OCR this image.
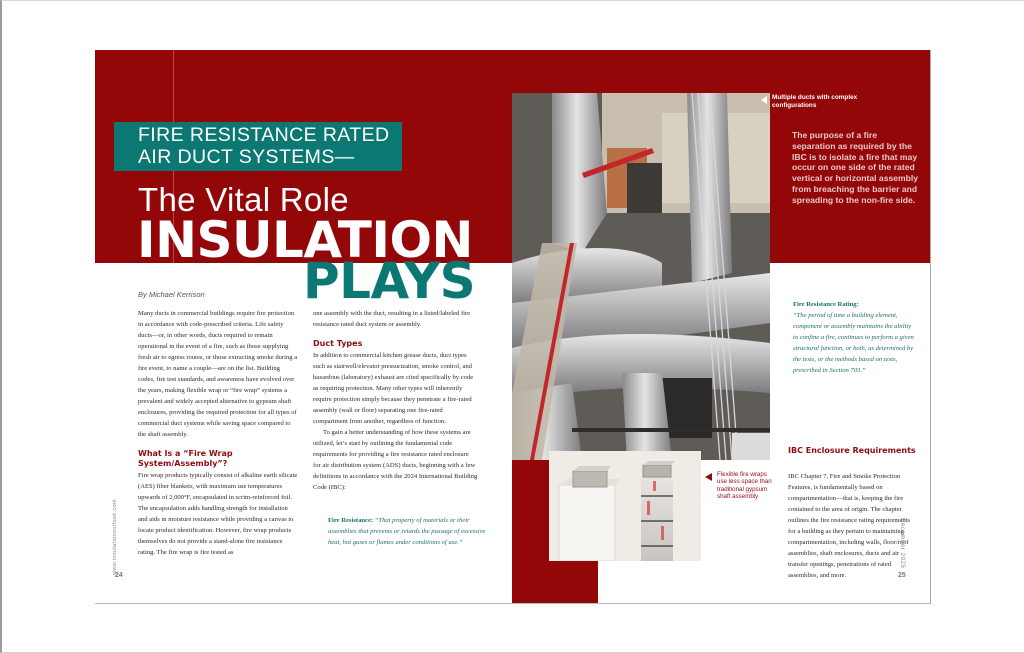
FIRE RESISTANCE RATED
AIR DUCT SYSTEMS—
The Vital Role
INSULATION
PLAYS
By Michael Kerrison

Many ducts in commercial buildings require fire protection in accordance with code-prescribed criteria. Life safety ducts—or, in other words, ducts required to remain operational in the event of a fire, such as those supplying fresh air to egress routes, or those extracting smoke during a fire event, to name a couple—are on the list. Building codes, fire test standards, and awareness have evolved over the years, making flexible wrap or “fire wrap” systems a prevalent and widely accepted alternative to gypsum shaft enclosures, providing the required protection for all types of commercial duct systems while saving space compared to the shaft assembly.

What Is a “Fire Wrap System/Assembly”?

Fire wrap products typically consist of alkaline earth silicate (AES) fiber blankets, with maximum use temperatures upwards of 2,000°F, encapsulated in scrim-reinforced foil. The encapsulation adds handling strength for installation and aids in moisture resistance while providing a canvas to locate product identification. However, fire wrap products themselves do not provide a stand-alone fire resistance rating. The fire wrap is fire tested as

one assembly with the duct, resulting in a listed/labeled fire resistance rated duct system or assembly.

Duct Types

In addition to commercial kitchen grease ducts, duct types such as stairwell/elevator pressurization, smoke control, and hazardous (laboratory) exhaust are cited specifically by code as requiring protection. Many other types will inherently require protection simply because they penetrate a fire-rated assembly (wall or floor) separating one fire-rated compartment from another, regardless of function.

To gain a better understanding of how these systems are utilized, let’s start by outlining the fundamental code requirements for providing a fire resistance rated enclosure for air distribution system (ADS) ducts, beginning with a few definitions in accordance with the 2024 International Building Code (IBC):

Fire Resistance: “That property of materials or their assemblies that prevents or retards the passage of excessive heat, hot gases or flames under conditions of use.”
Multiple ducts with complex configurations
The purpose of a fire separation as required by the IBC is to isolate a fire that may occur on one side of the rated vertical or horizontal assembly from breaching the barrier and spreading to the non-fire side.
Flexible fire wraps use less space than traditional gypsum shaft assembly
Fire Resistance Rating:
“The period of time a building element, component or assembly maintains the ability to confine a fire, continues to perform a given structural function, or both, as determined by the tests, or the methods based on tests, prescribed in Section 703.”
IBC Enclosure Requirements

IBC Chapter 7, Fire and Smoke Protection Features, is fundamentally based on compartmentation—that is, keeping the fire contained to the area of origin. The chapter outlines the fire resistance rating requirements for a building as they pertain to maintaining compartmentation, including walls, floor/roof assemblies, shaft enclosures, ducts and air transfer openings, penetrations of rated assemblies, and more.

www.insulationoutlook.com	December 2025
24	25
